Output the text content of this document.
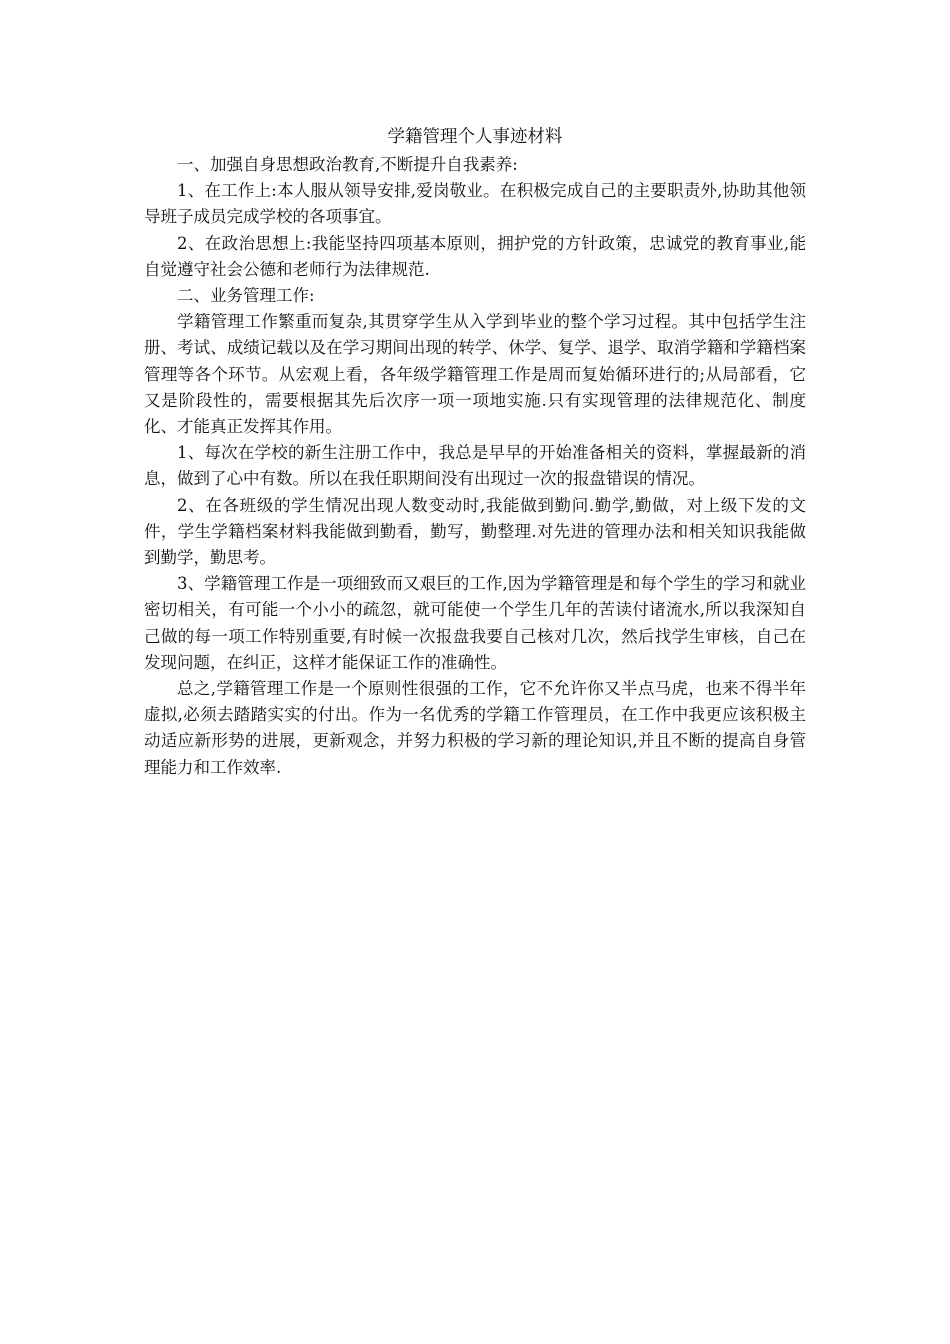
学籍管理个人事迹材料

一、加强自身思想政治教育,不断提升自我素养:

1、在工作上:本人服从领导安排,爱岗敬业。在积极完成自己的主要职责外,协助其他领导班子成员完成学校的各项事宜。

2、在政治思想上:我能坚持四项基本原则，拥护党的方针政策，忠诚党的教育事业,能自觉遵守社会公德和老师行为法律规范.

二、业务管理工作:

学籍管理工作繁重而复杂,其贯穿学生从入学到毕业的整个学习过程。其中包括学生注册、考试、成绩记载以及在学习期间出现的转学、休学、复学、退学、取消学籍和学籍档案管理等各个环节。从宏观上看，各年级学籍管理工作是周而复始循环进行的;从局部看，它又是阶段性的，需要根据其先后次序一项一项地实施.只有实现管理的法律规范化、制度化、才能真正发挥其作用。

1、每次在学校的新生注册工作中，我总是早早的开始准备相关的资料，掌握最新的消息，做到了心中有数。所以在我任职期间没有出现过一次的报盘错误的情况。

2、在各班级的学生情况出现人数变动时,我能做到勤问.勤学,勤做，对上级下发的文件，学生学籍档案材料我能做到勤看，勤写，勤整理.对先进的管理办法和相关知识我能做到勤学，勤思考。

3、学籍管理工作是一项细致而又艰巨的工作,因为学籍管理是和每个学生的学习和就业密切相关，有可能一个小小的疏忽，就可能使一个学生几年的苦读付诸流水,所以我深知自己做的每一项工作特别重要,有时候一次报盘我要自己核对几次，然后找学生审核，自己在发现问题，在纠正，这样才能保证工作的准确性。

总之,学籍管理工作是一个原则性很强的工作，它不允许你又半点马虎，也来不得半年虚拟,必须去踏踏实实的付出。作为一名优秀的学籍工作管理员，在工作中我更应该积极主动适应新形势的进展，更新观念，并努力积极的学习新的理论知识,并且不断的提高自身管理能力和工作效率.
